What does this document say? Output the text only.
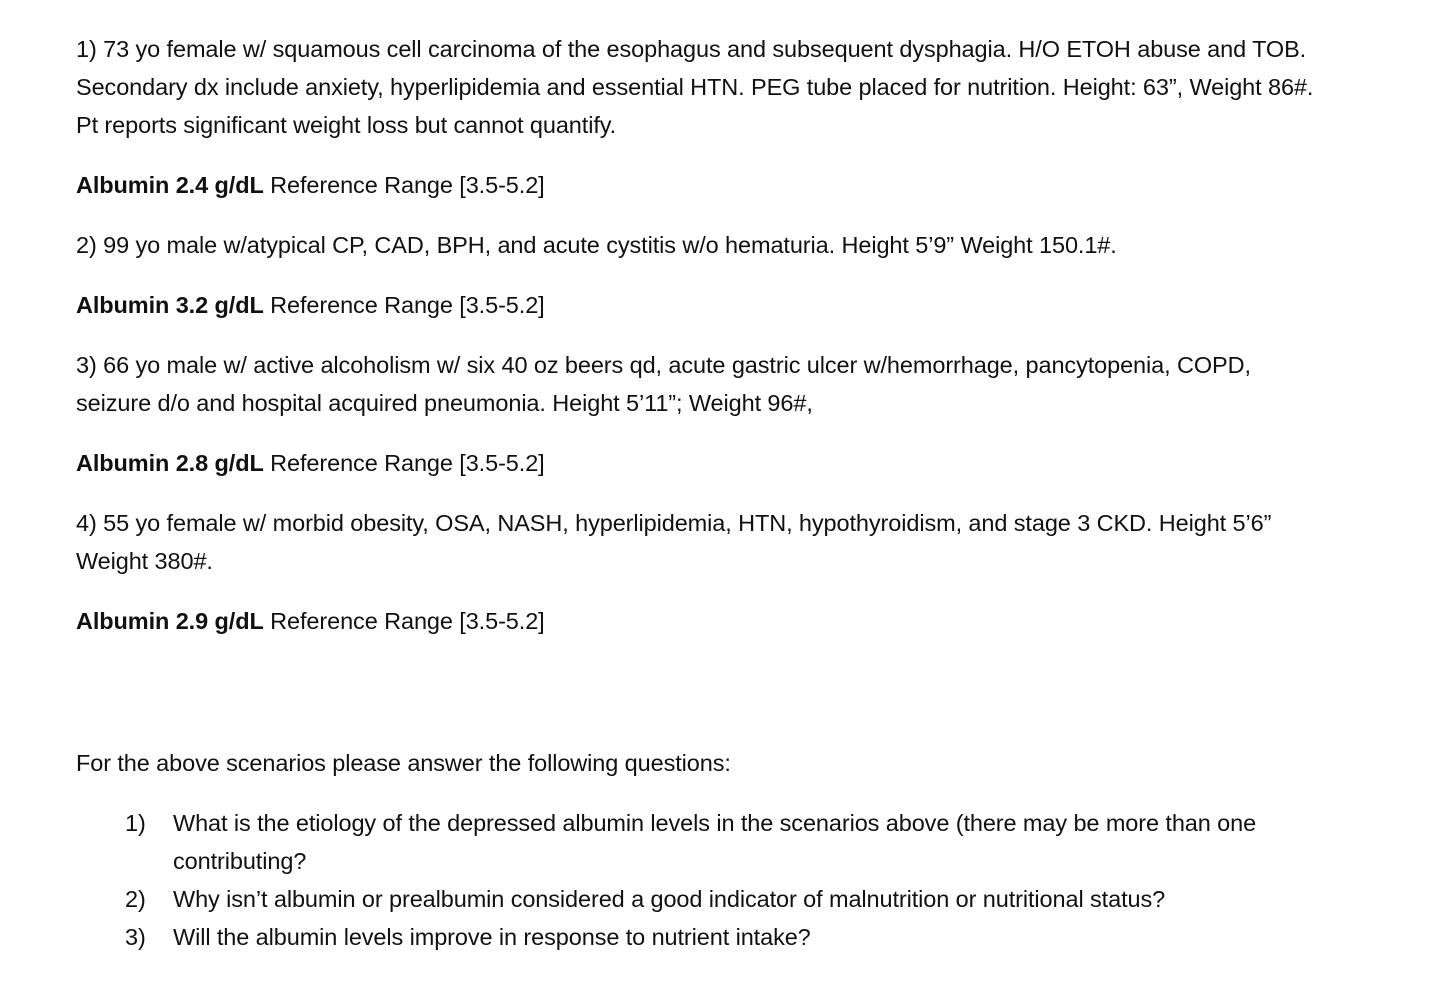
1) 73 yo female w/ squamous cell carcinoma of the esophagus and subsequent dysphagia. H/O ETOH abuse and TOB. Secondary dx include anxiety, hyperlipidemia and essential HTN. PEG tube placed for nutrition. Height: 63”, Weight 86#. Pt reports significant weight loss but cannot quantify.

Albumin 2.4 g/dL Reference Range [3.5-5.2]

2) 99 yo male w/atypical CP, CAD, BPH, and acute cystitis w/o hematuria. Height 5’9” Weight 150.1#.

Albumin 3.2 g/dL Reference Range [3.5-5.2]

3) 66 yo male w/ active alcoholism w/ six 40 oz beers qd, acute gastric ulcer w/hemorrhage, pancytopenia, COPD, seizure d/o and hospital acquired pneumonia. Height 5’11”; Weight 96#,

Albumin 2.8 g/dL Reference Range [3.5-5.2]

4) 55 yo female w/ morbid obesity, OSA, NASH, hyperlipidemia, HTN, hypothyroidism, and stage 3 CKD. Height 5’6” Weight 380#.

Albumin 2.9 g/dL Reference Range [3.5-5.2]

For the above scenarios please answer the following questions:

1) What is the etiology of the depressed albumin levels in the scenarios above (there may be more than one contributing?
2) Why isn’t albumin or prealbumin considered a good indicator of malnutrition or nutritional status?
3) Will the albumin levels improve in response to nutrient intake?
